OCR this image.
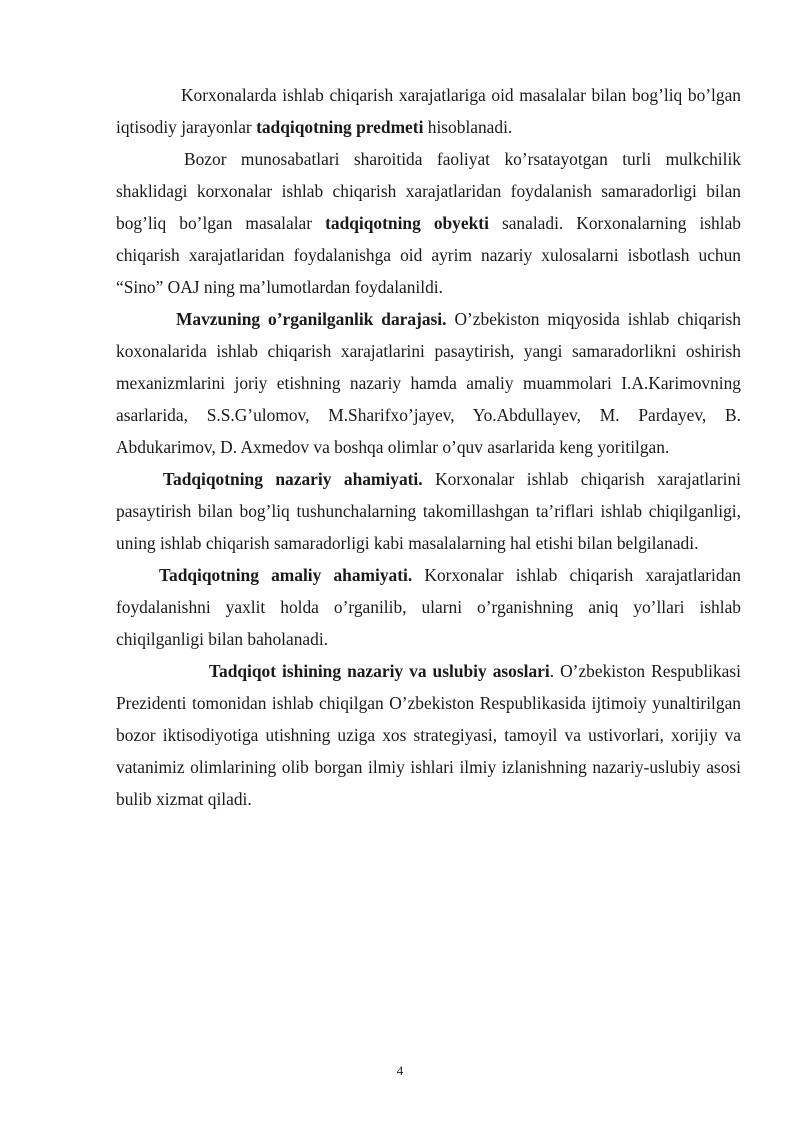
Korxonalarda ishlab chiqarish xarajatlariga oid masalalar bilan bog’liq bo’lgan iqtisodiy jarayonlar tadqiqotning predmeti hisoblanadi.

Bozor munosabatlari sharoitida faoliyat ko’rsatayotgan turli mulkchilik shaklidagi korxonalar ishlab chiqarish xarajatlaridan foydalanish samaradorligi bilan bog’liq bo’lgan masalalar tadqiqotning obyekti sanaladi. Korxonalarning ishlab chiqarish xarajatlaridan foydalanishga oid ayrim nazariy xulosalarni isbotlash uchun “Sino” OAJ ning ma’lumotlardan foydalanildi.

Mavzuning o’rganilganlik darajasi. O’zbekiston miqyosida ishlab chiqarish koxonalarida ishlab chiqarish xarajatlarini pasaytirish, yangi samaradorlikni oshirish mexanizmlarini joriy etishning nazariy hamda amaliy muammolari I.A.Karimovning asarlarida, S.S.G’ulomov, M.Sharifxo’jayev, Yo.Abdullayev, M. Pardayev, B. Abdukarimov, D. Axmedov va boshqa olimlar o’quv asarlarida keng yoritilgan.

Tadqiqotning nazariy ahamiyati. Korxonalar ishlab chiqarish xarajatlarini pasaytirish bilan bog’liq tushunchalarning takomillashgan ta’riflari ishlab chiqilganligi, uning ishlab chiqarish samaradorligi kabi masalalarning hal etishi bilan belgilanadi.

Tadqiqotning amaliy ahamiyati. Korxonalar ishlab chiqarish xarajatlaridan foydalanishni yaxlit holda o’rganilib, ularni o’rganishning aniq yo’llari ishlab chiqilganligi bilan baholanadi.

Tadqiqot ishining nazariy va uslubiy asoslari. O’zbekiston Respublikasi Prezidenti tomonidan ishlab chiqilgan O’zbekiston Respublikasida ijtimoiy yunaltirilgan bozor iktisodiyotiga utishning uziga xos strategiyasi, tamoyil va ustivorlari, xorijiy va vatanimiz olimlarining olib borgan ilmiy ishlari ilmiy izlanishning nazariy-uslubiy asosi bulib xizmat qiladi.

4
